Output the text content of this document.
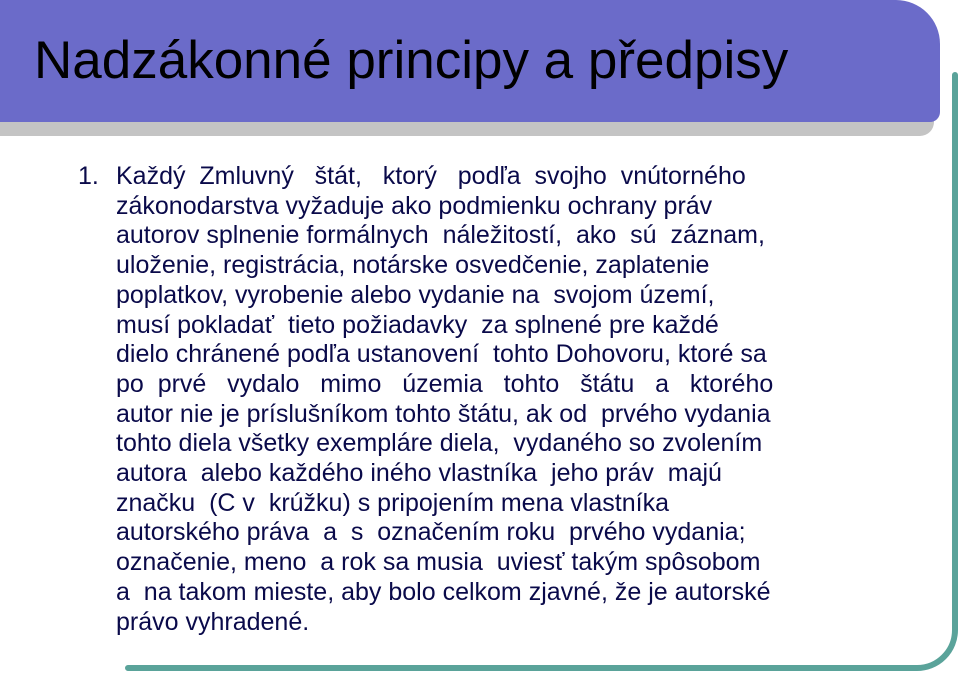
Nadzákonné principy a předpisy
1. Každý  Zmluvný   štát,   ktorý   podľa  svojho  vnútorného
zákonodarstva vyžaduje ako podmienku ochrany práv
autorov splnenie formálnych  náležitostí,  ako  sú  záznam,
uloženie, registrácia, notárske osvedčenie, zaplatenie
poplatkov, vyrobenie alebo vydanie na  svojom území,
musí pokladať  tieto požiadavky  za splnené pre každé
dielo chránené podľa ustanovení  tohto Dohovoru, ktoré sa
po  prvé   vydalo   mimo   územia   tohto   štátu   a   ktorého
autor nie je príslušníkom tohto štátu, ak od  prvého vydania
tohto diela všetky exempláre diela,  vydaného so zvolením
autora  alebo každého iného vlastníka  jeho práv  majú
značku  (C v  krúžku) s pripojením mena vlastníka
autorského práva  a  s  označením roku  prvého vydania;
označenie, meno  a rok sa musia  uviesť takým spôsobom
a  na takom mieste, aby bolo celkom zjavné, že je autorské
právo vyhradené.
